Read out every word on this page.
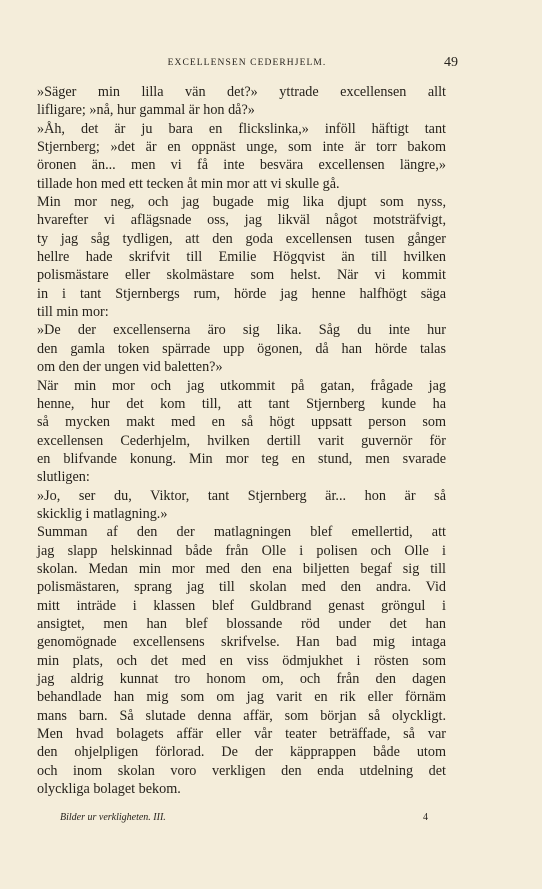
EXCELLENSEN CEDERHJELM.	49
»Säger min lilla vän det?» yttrade excellensen allt
lifligare; »nå, hur gammal är hon då?»
»Åh, det är ju bara en flickslinka,» inföll häftigt tant
Stjernberg; »det är en oppnäst unge, som inte är torr bakom
öronen än... men vi få inte besvära excellensen längre,»
tillade hon med ett tecken åt min mor att vi skulle gå.
Min mor neg, och jag bugade mig lika djupt som nyss,
hvarefter vi aflägsnade oss, jag likväl något motsträfvigt,
ty jag såg tydligen, att den goda excellensen tusen gånger
hellre hade skrifvit till Emilie Högqvist än till hvilken
polismästare eller skolmästare som helst. När vi kommit
in i tant Stjernbergs rum, hörde jag henne halfhögt säga
till min mor:
»De der excellenserna äro sig lika. Såg du inte hur
den gamla token spärrade upp ögonen, då han hörde talas
om den der ungen vid baletten?»
När min mor och jag utkommit på gatan, frågade jag
henne, hur det kom till, att tant Stjernberg kunde ha
så mycken makt med en så högt uppsatt person som
excellensen Cederhjelm, hvilken dertill varit guvernör för
en blifvande konung. Min mor teg en stund, men svarade
slutligen:
»Jo, ser du, Viktor, tant Stjernberg är... hon är så
skicklig i matlagning.»
Summan af den der matlagningen blef emellertid, att
jag slapp helskinnad både från Olle i polisen och Olle i
skolan. Medan min mor med den ena biljetten begaf sig till
polismästaren, sprang jag till skolan med den andra. Vid
mitt inträde i klassen blef Guldbrand genast gröngul i
ansigtet, men han blef blossande röd under det han
genomögnade excellensens skrifvelse. Han bad mig intaga
min plats, och det med en viss ödmjukhet i rösten som
jag aldrig kunnat tro honom om, och från den dagen
behandlade han mig som om jag varit en rik eller förnäm
mans barn. Så slutade denna affär, som början så olyckligt.
Men hvad bolagets affär eller vår teater beträffade, så var
den ohjelpligen förlorad. De der käpprappen både utom
och inom skolan voro verkligen den enda utdelning det
olyckliga bolaget bekom.
Bilder ur verkligheten. III.	4
